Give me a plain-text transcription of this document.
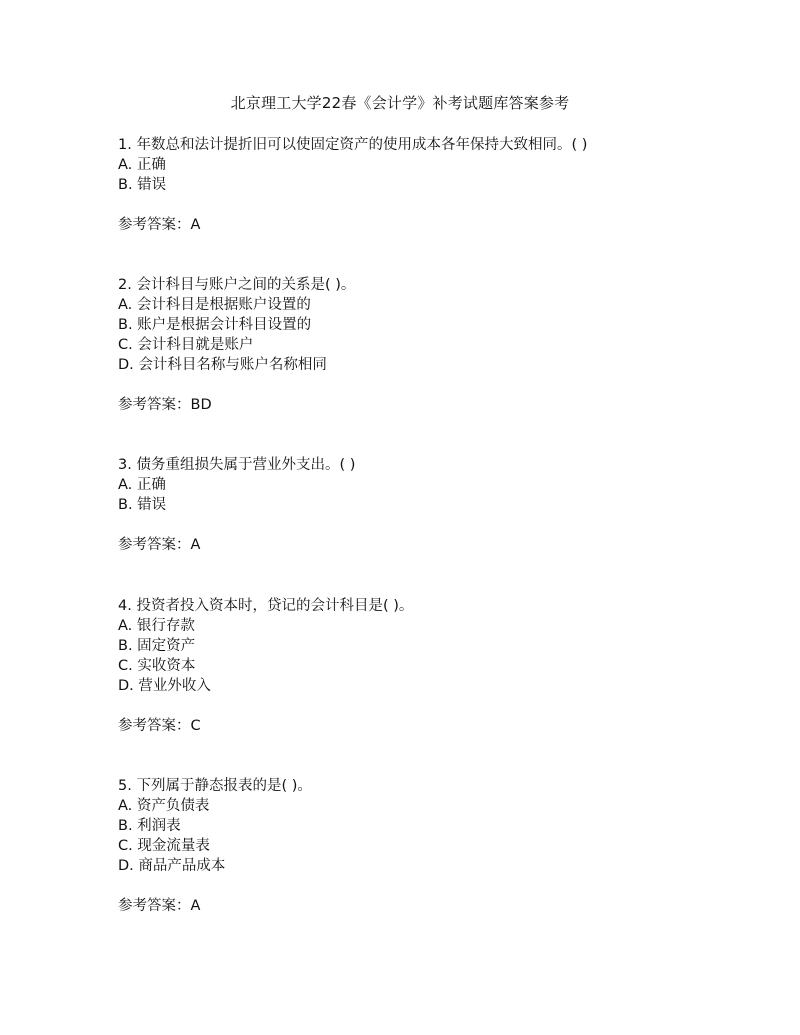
北京理工大学22春《会计学》补考试题库答案参考
1. 年数总和法计提折旧可以使固定资产的使用成本各年保持大致相同。( )
A. 正确
B. 错误
参考答案：A
2. 会计科目与账户之间的关系是( )。
A. 会计科目是根据账户设置的
B. 账户是根据会计科目设置的
C. 会计科目就是账户
D. 会计科目名称与账户名称相同
参考答案：BD
3. 债务重组损失属于营业外支出。( )
A. 正确
B. 错误
参考答案：A
4. 投资者投入资本时，贷记的会计科目是( )。
A. 银行存款
B. 固定资产
C. 实收资本
D. 营业外收入
参考答案：C
5. 下列属于静态报表的是( )。
A. 资产负债表
B. 利润表
C. 现金流量表
D. 商品产品成本
参考答案：A
